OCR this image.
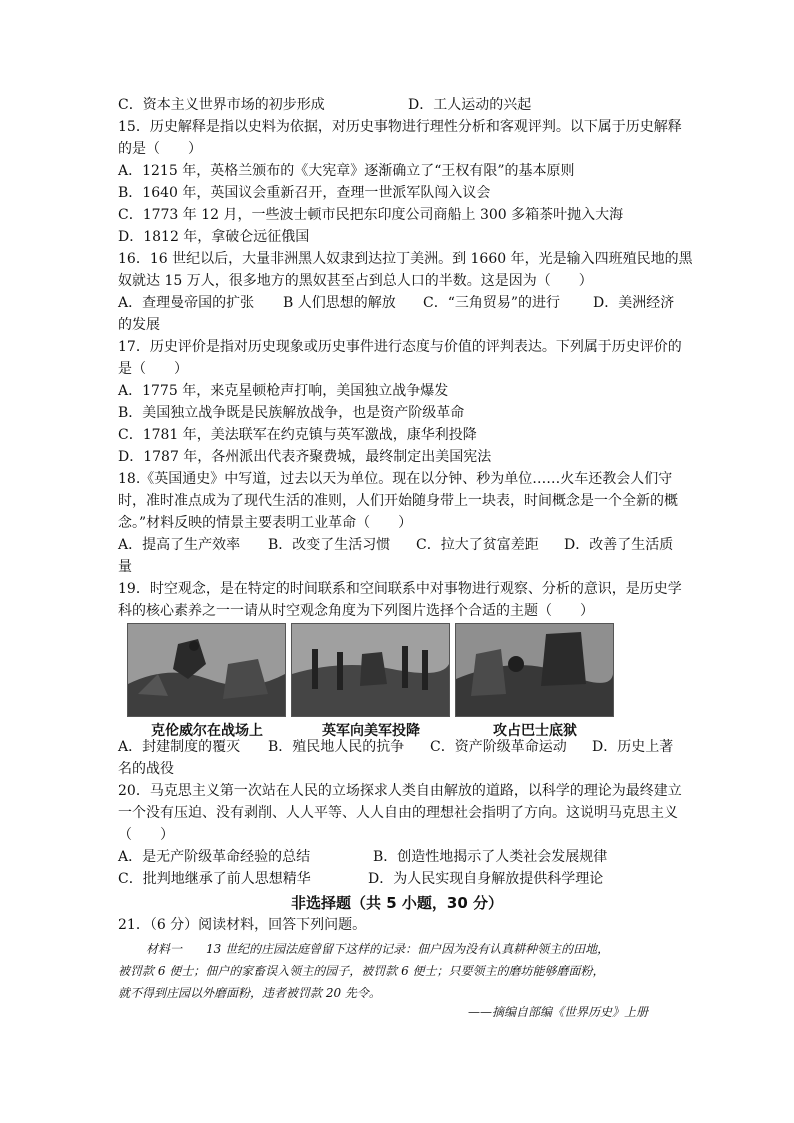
C．资本主义世界市场的初步形成	D．工人运动的兴起
15．历史解释是指以史料为依据，对历史事物进行理性分析和客观评判。以下属于历史解释
的是（　　）
A．1215 年，英格兰颁布的《大宪章》逐渐确立了“王权有限”的基本原则
B．1640 年，英国议会重新召开，查理一世派军队闯入议会
C．1773 年 12 月，一些波士顿市民把东印度公司商船上 300 多箱茶叶抛入大海
D．1812 年，拿破仑远征俄国
16．16 世纪以后，大量非洲黑人奴隶到达拉丁美洲。到 1660 年，光是输入四班殖民地的黑
奴就达 15 万人，很多地方的黑奴甚至占到总人口的半数。这是因为（　　）
A．查理曼帝国的扩张 B 人们思想的解放 C．“三角贸易”的进行 D．美洲经济
的发展
17．历史评价是指对历史现象或历史事件进行态度与价值的评判表达。下列属于历史评价的
是（　　）
A．1775 年，来克星顿枪声打响，美国独立战争爆发
B．美国独立战争既是民族解放战争，也是资产阶级革命
C．1781 年，美法联军在约克镇与英军激战，康华利投降
D．1787 年，各州派出代表齐聚费城，最终制定出美国宪法
18.《英国通史》中写道，过去以天为单位。现在以分钟、秒为单位……火车还教会人们守
时，准时准点成为了现代生活的准则，人们开始随身带上一块表，时间概念是一个全新的概
念。”材料反映的情景主要表明工业革命（　　）
A．提高了生产效率 B．改变了生活习惯 C．拉大了贫富差距 D．改善了生活质
量
19．时空观念，是在特定的时间联系和空间联系中对事物进行观察、分析的意识，是历史学
科的核心素养之一一请从时空观念角度为下列图片选择个合适的主题（　　）
克伦威尔在战场上	英军向美军投降	攻占巴士底狱
A．封建制度的覆灭 B．殖民地人民的抗争 C．资产阶级革命运动 D．历史上著
名的战役
20．马克思主义第一次站在人民的立场探求人类自由解放的道路，以科学的理论为最终建立
一个没有压迫、没有剥削、人人平等、人人自由的理想社会指明了方向。这说明马克思主义
（　　）
A．是无产阶级革命经验的总结	B．创造性地揭示了人类社会发展规律
C．批判地继承了前人思想精华	D．为人民实现自身解放提供科学理论
非选择题（共 5 小题，30 分）
21．（6 分）阅读材料，回答下列问题。
材料一　　13 世纪的庄园法庭曾留下这样的记录：佃户因为没有认真耕种领主的田地，
被罚款 6 便士；佃户的家畜误入领主的园子，被罚款 6 便士；只要领主的磨坊能够磨面粉，
就不得到庄园以外磨面粉，违者被罚款 20 先令。
——摘编自部编《世界历史》上册
